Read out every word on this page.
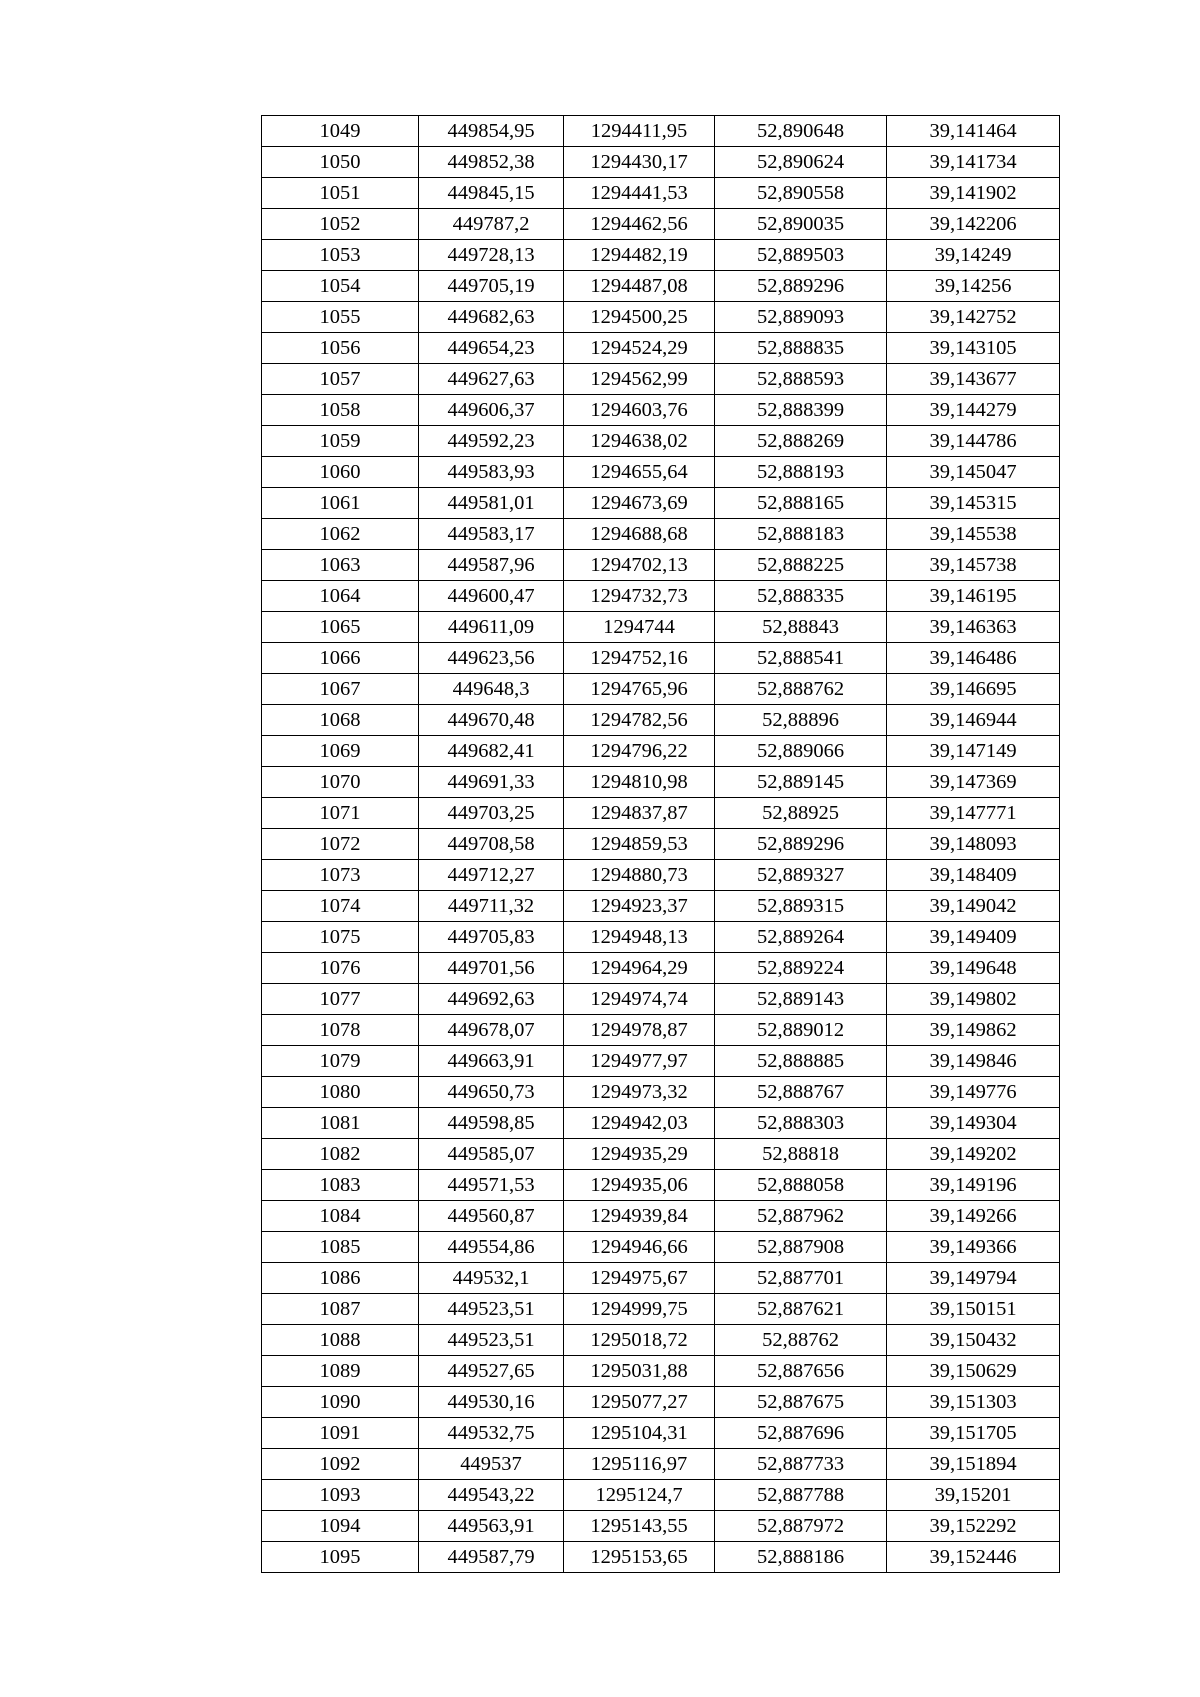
1049	449854,95	1294411,95	52,890648	39,141464
1050	449852,38	1294430,17	52,890624	39,141734
1051	449845,15	1294441,53	52,890558	39,141902
1052	449787,2	1294462,56	52,890035	39,142206
1053	449728,13	1294482,19	52,889503	39,14249
1054	449705,19	1294487,08	52,889296	39,14256
1055	449682,63	1294500,25	52,889093	39,142752
1056	449654,23	1294524,29	52,888835	39,143105
1057	449627,63	1294562,99	52,888593	39,143677
1058	449606,37	1294603,76	52,888399	39,144279
1059	449592,23	1294638,02	52,888269	39,144786
1060	449583,93	1294655,64	52,888193	39,145047
1061	449581,01	1294673,69	52,888165	39,145315
1062	449583,17	1294688,68	52,888183	39,145538
1063	449587,96	1294702,13	52,888225	39,145738
1064	449600,47	1294732,73	52,888335	39,146195
1065	449611,09	1294744	52,88843	39,146363
1066	449623,56	1294752,16	52,888541	39,146486
1067	449648,3	1294765,96	52,888762	39,146695
1068	449670,48	1294782,56	52,88896	39,146944
1069	449682,41	1294796,22	52,889066	39,147149
1070	449691,33	1294810,98	52,889145	39,147369
1071	449703,25	1294837,87	52,88925	39,147771
1072	449708,58	1294859,53	52,889296	39,148093
1073	449712,27	1294880,73	52,889327	39,148409
1074	449711,32	1294923,37	52,889315	39,149042
1075	449705,83	1294948,13	52,889264	39,149409
1076	449701,56	1294964,29	52,889224	39,149648
1077	449692,63	1294974,74	52,889143	39,149802
1078	449678,07	1294978,87	52,889012	39,149862
1079	449663,91	1294977,97	52,888885	39,149846
1080	449650,73	1294973,32	52,888767	39,149776
1081	449598,85	1294942,03	52,888303	39,149304
1082	449585,07	1294935,29	52,88818	39,149202
1083	449571,53	1294935,06	52,888058	39,149196
1084	449560,87	1294939,84	52,887962	39,149266
1085	449554,86	1294946,66	52,887908	39,149366
1086	449532,1	1294975,67	52,887701	39,149794
1087	449523,51	1294999,75	52,887621	39,150151
1088	449523,51	1295018,72	52,88762	39,150432
1089	449527,65	1295031,88	52,887656	39,150629
1090	449530,16	1295077,27	52,887675	39,151303
1091	449532,75	1295104,31	52,887696	39,151705
1092	449537	1295116,97	52,887733	39,151894
1093	449543,22	1295124,7	52,887788	39,15201
1094	449563,91	1295143,55	52,887972	39,152292
1095	449587,79	1295153,65	52,888186	39,152446
